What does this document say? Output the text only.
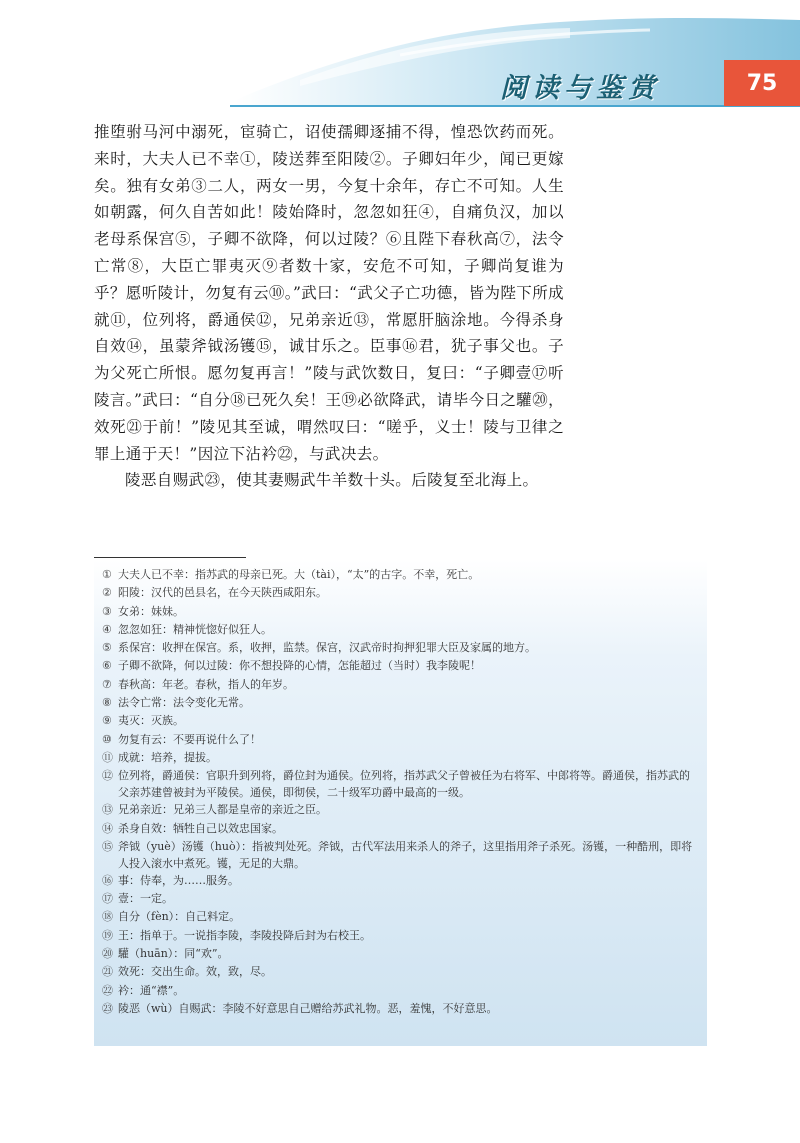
阅读与鉴赏	75

推堕驸马河中溺死，宦骑亡，诏使孺卿逐捕不得，惶恐饮药而死。来时，大夫人已不幸①，陵送葬至阳陵②。子卿妇年少，闻已更嫁矣。独有女弟③二人，两女一男，今复十余年，存亡不可知。人生如朝露，何久自苦如此！陵始降时，忽忽如狂④，自痛负汉，加以老母系保宫⑤，子卿不欲降，何以过陵？⑥且陛下春秋高⑦，法令亡常⑧，大臣亡罪夷灭⑨者数十家，安危不可知，子卿尚复谁为乎？愿听陵计，勿复有云⑩。”武曰：“武父子亡功德，皆为陛下所成就⑪，位列将，爵通侯⑫，兄弟亲近⑬，常愿肝脑涂地。今得杀身自效⑭，虽蒙斧钺汤镬⑮，诚甘乐之。臣事⑯君，犹子事父也。子为父死亡所恨。愿勿复再言！”陵与武饮数日，复曰：“子卿壹⑰听陵言。”武曰：“自分⑱已死久矣！王⑲必欲降武，请毕今日之驩⑳，效死㉑于前！”陵见其至诚，喟然叹曰：“嗟乎，义士！陵与卫律之罪上通于天！”因泣下沾衿㉒，与武决去。

陵恶自赐武㉓，使其妻赐武牛羊数十头。后陵复至北海上。

① 大夫人已不幸：指苏武的母亲已死。大（tài），“太”的古字。不幸，死亡。
② 阳陵：汉代的邑县名，在今天陕西咸阳东。
③ 女弟：妹妹。
④ 忽忽如狂：精神恍惚好似狂人。
⑤ 系保宫：收押在保宫。系，收押，监禁。保宫，汉武帝时拘押犯罪大臣及家属的地方。
⑥ 子卿不欲降，何以过陵：你不想投降的心情，怎能超过（当时）我李陵呢！
⑦ 春秋高：年老。春秋，指人的年岁。
⑧ 法令亡常：法令变化无常。
⑨ 夷灭：灭族。
⑩ 勿复有云：不要再说什么了！
⑪ 成就：培养，提拔。
⑫ 位列将，爵通侯：官职升到列将，爵位封为通侯。位列将，指苏武父子曾被任为右将军、中郎将等。爵通侯，指苏武的父亲苏建曾被封为平陵侯。通侯，即彻侯，二十级军功爵中最高的一级。
⑬ 兄弟亲近：兄弟三人都是皇帝的亲近之臣。
⑭ 杀身自效：牺牲自己以效忠国家。
⑮ 斧钺（yuè）汤镬（huò）：指被判处死。斧钺，古代军法用来杀人的斧子，这里指用斧子杀死。汤镬，一种酷刑，即将人投入滚水中煮死。镬，无足的大鼎。
⑯ 事：侍奉，为……服务。
⑰ 壹：一定。
⑱ 自分（fèn）：自己料定。
⑲ 王：指单于。一说指李陵，李陵投降后封为右校王。
⑳ 驩（huān）：同“欢”。
㉑ 效死：交出生命。效，致，尽。
㉒ 衿：通“襟”。
㉓ 陵恶（wù）自赐武：李陵不好意思自己赠给苏武礼物。恶，羞愧，不好意思。
